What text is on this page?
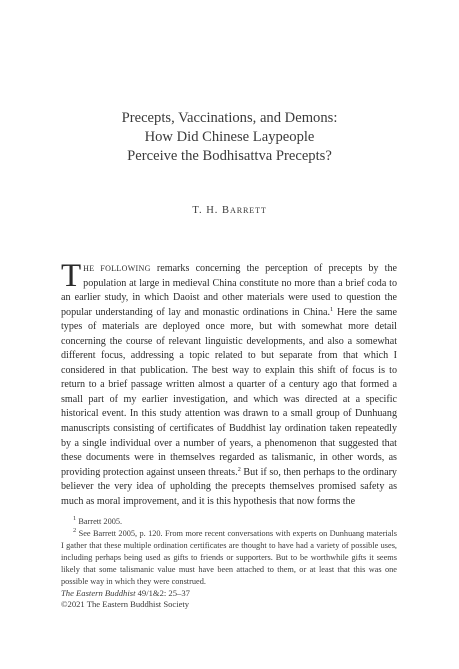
Precepts, Vaccinations, and Demons:
How Did Chinese Laypeople
Perceive the Bodhisattva Precepts?
T. H. BARRETT

THE FOLLOWING remarks concerning the perception of precepts by the population at large in medieval China constitute no more than a brief coda to an earlier study, in which Daoist and other materials were used to question the popular understanding of lay and monastic ordinations in China.$^1$ Here the same types of materials are deployed once more, but with somewhat more detail concerning the course of relevant linguistic developments, and also a somewhat different focus, addressing a topic related to but separate from that which I considered in that publication. The best way to explain this shift of focus is to return to a brief passage written almost a quarter of a century ago that formed a small part of my earlier investigation, and which was directed at a specific historical event. In this study attention was drawn to a small group of Dunhuang manuscripts consisting of certificates of Buddhist lay ordination taken repeatedly by a single individual over a number of years, a phenomenon that suggested that these documents were in themselves regarded as talismanic, in other words, as providing protection against unseen threats.$^2$ But if so, then perhaps to the ordinary believer the very idea of upholding the precepts themselves promised safety as much as moral improvement, and it is this hypothesis that now forms the

$^1$ Barrett 2005.

$^2$ See Barrett 2005, p. 120. From more recent conversations with experts on Dunhuang materials I gather that these multiple ordination certificates are thought to have had a variety of possible uses, including perhaps being used as gifts to friends or supporters. But to be worthwhile gifts it seems likely that some talismanic value must have been attached to them, or at least that this was one possible way in which they were construed.

The Eastern Buddhist 49/1&2: 25–37
©2021 The Eastern Buddhist Society
